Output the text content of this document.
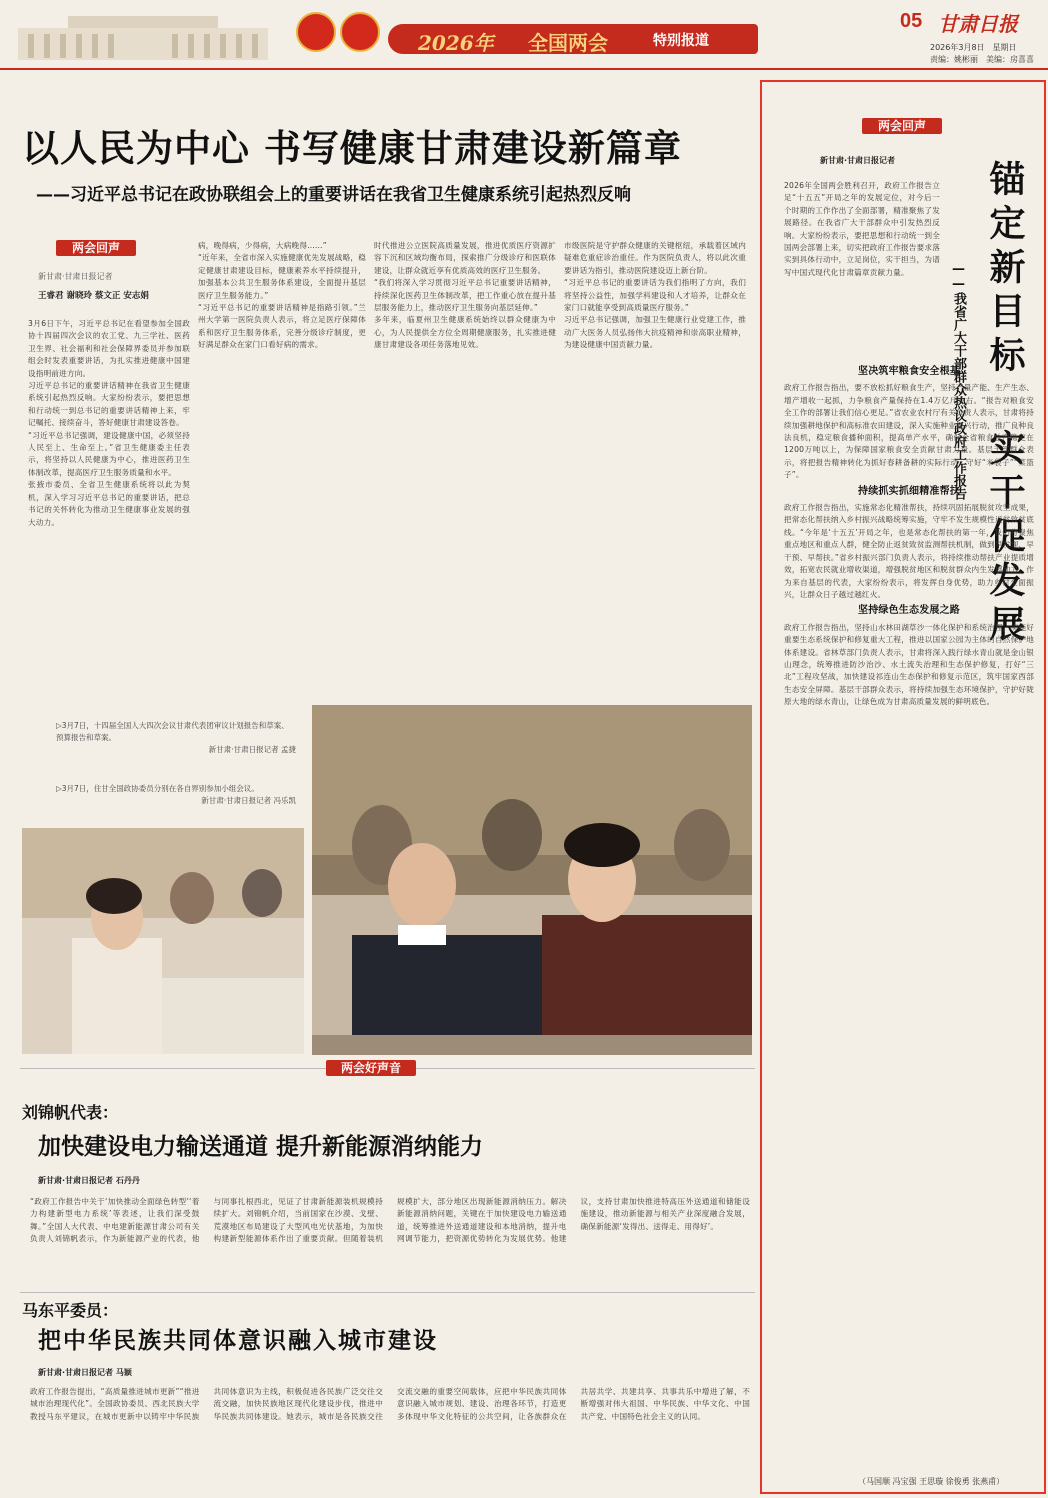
2026年 全国两会	特别报道
05 甘肃日报
2026年3月8日　星期日
责编：姚彬丽　美编：房喜喜
以人民为中心 书写健康甘肃建设新篇章
——习近平总书记在政协联组会上的重要讲话在我省卫生健康系统引起热烈反响
两会回声
新甘肃·甘肃日报记者
王睿君 谢晓玲 蔡文正 安志娟

3月6日下午，习近平总书记在看望参加全国政协十四届四次会议的农工党、九三学社、医药卫生界、社会福利和社会保障界委员并参加联组会时发表重要讲话，为扎实推进健康中国建设指明前进方向。

习近平总书记的重要讲话精神在我省卫生健康系统引起热烈反响。大家纷纷表示，要把思想和行动统一到总书记的重要讲话精神上来，牢记嘱托、接续奋斗，答好健康甘肃建设答卷。

“习近平总书记强调，建设健康中国，必须坚持人民至上、生命至上。”省卫生健康委主任表示，将坚持以人民健康为中心，推进医药卫生体制改革，提高医疗卫生服务质量和水平。

张掖市委员、全省卫生健康系统将以此为契机，深入学习习近平总书记的重要讲话，把总书记的关怀转化为推动卫生健康事业发展的强大动力。

病，晚得病，少得病，大病晚得……”

“近年来，全省市深入实施健康优先发展战略，稳定健康甘肃建设目标，健康素养水平持续提升，加强基本公共卫生服务体系建设，全面提升基层医疗卫生服务能力。”

“习近平总书记的重要讲话精神是指路引领。”兰州大学第一医院负责人表示，将立足医疗保障体系和医疗卫生服务体系，完善分级诊疗制度，更好满足群众在家门口看好病的需求。

时代推进公立医院高质量发展，推进优质医疗资源扩容下沉和区域均衡布局，探索推广分级诊疗和医联体建设，让群众就近享有优质高效的医疗卫生服务。

“我们将深入学习贯彻习近平总书记重要讲话精神，持续深化医药卫生体制改革，把工作重心放在提升基层服务能力上，推动医疗卫生服务向基层延伸。”

多年来，临夏州卫生健康系统始终以群众健康为中心，为人民提供全方位全周期健康服务，扎实推进健康甘肃建设各项任务落地见效。

市级医院是守护群众健康的关键枢纽，承载着区域内疑难危重症诊治重任。作为医院负责人，将以此次重要讲话为指引，推动医院建设迈上新台阶。

“习近平总书记的重要讲话为我们指明了方向，我们将坚持公益性，加强学科建设和人才培养，让群众在家门口就能享受到高质量医疗服务。”

习近平总书记强调，加强卫生健康行业党建工作，推动广大医务人员弘扬伟大抗疫精神和崇高职业精神，为建设健康中国贡献力量。

▷3月7日，十四届全国人大四次会议甘肃代表团审议计划报告和草案、预算报告和草案。

新甘肃·甘肃日报记者 孟捷
▷3月7日，住甘全国政协委员分别在各自界别参加小组会议。

新甘肃·甘肃日报记者 冯乐凯
两会好声音
刘锦帆代表：
加快建设电力输送通道 提升新能源消纳能力
新甘肃·甘肃日报记者 石丹丹

“政府工作报告中关于‘加快推动全面绿色转型’‘着力构建新型电力系统’等表述，让我们深受鼓舞。”全国人大代表、中电建新能源甘肃公司有关负责人刘锦帆表示，作为新能源产业的代表，他与同事扎根西北，见证了甘肃新能源装机规模持续扩大。刘锦帆介绍，当前国家在沙漠、戈壁、荒漠地区布局建设了大型风电光伏基地，为加快构建新型能源体系作出了重要贡献。但随着装机规模扩大，部分地区出现新能源消纳压力。解决新能源消纳问题，关键在于加快建设电力输送通道，统筹推进外送通道建设和本地消纳，提升电网调节能力，把资源优势转化为发展优势。他建议，支持甘肃加快推进特高压外送通道和储能设施建设，推动新能源与相关产业深度融合发展，确保新能源‘发得出、送得走、用得好’。

马东平委员：
把中华民族共同体意识融入城市建设
新甘肃·甘肃日报记者 马颖

政府工作报告提出，“高质量推进城市更新”“推进城市治理现代化”。全国政协委员、西北民族大学教授马东平建议，在城市更新中以铸牢中华民族共同体意识为主线，积极促进各民族广泛交往交流交融，加快民族地区现代化建设步伐，推进中华民族共同体建设。她表示，城市是各民族交往交流交融的重要空间载体，应把中华民族共同体意识融入城市规划、建设、治理各环节，打造更多体现中华文化特征的公共空间，让各族群众在共居共学、共建共享、共事共乐中增进了解，不断增强对伟大祖国、中华民族、中华文化、中国共产党、中国特色社会主义的认同。

两会回声
锚定新目标 实干促发展
——我省广大干部群众热议政府工作报告
新甘肃·甘肃日报记者

2026年全国两会胜利召开，政府工作报告立足“十五五”开局之年的发展定位，对今后一个时期的工作作出了全面部署，精准聚焦了发展路径。在我省广大干部群众中引发热烈反响。大家纷纷表示，要把思想和行动统一到全国两会部署上来，切实把政府工作报告要求落实到具体行动中，立足岗位，实干担当，为谱写中国式现代化甘肃篇章贡献力量。

坚决筑牢粮食安全根基

政府工作报告指出，要不放松抓好粮食生产，坚持产量产能、生产生态、增产增收一起抓，力争粮食产量保持在1.4万亿斤左右。“报告对粮食安全工作的部署让我们信心更足。”省农业农村厅有关负责人表示，甘肃将持续加强耕地保护和高标准农田建设，深入实施种业振兴行动，推广良种良法良机，稳定粮食播种面积，提高单产水平，确保全省粮食总产稳定在1200万吨以上，为保障国家粮食安全贡献甘肃力量。基层干部群众表示，将把报告精神转化为抓好春耕备耕的实际行动，守好“米袋子”“菜篮子”。

持续抓实抓细精准帮扶

政府工作报告指出，实施常态化精准帮扶，持续巩固拓展脱贫攻坚成果，把常态化帮扶纳入乡村振兴战略统筹实施，守牢不发生规模性返贫致贫底线。“今年是‘十五五’开局之年，也是常态化帮扶的第一年，我们将聚焦重点地区和重点人群，健全防止返贫致贫监测帮扶机制，做到早发现、早干预、早帮扶。”省乡村振兴部门负责人表示，将持续推动帮扶产业提质增效，拓宽农民就业增收渠道，增强脱贫地区和脱贫群众内生发展动力。作为来自基层的代表，大家纷纷表示，将发挥自身优势，助力乡村全面振兴，让群众日子越过越红火。

坚持绿色生态发展之路

政府工作报告指出，坚持山水林田湖草沙一体化保护和系统治理，实施好重要生态系统保护和修复重大工程，推进以国家公园为主体的自然保护地体系建设。省林草部门负责人表示，甘肃将深入践行绿水青山就是金山银山理念，统筹推进防沙治沙、水土流失治理和生态保护修复，打好“三北”工程攻坚战，加快建设祁连山生态保护和修复示范区，筑牢国家西部生态安全屏障。基层干部群众表示，将持续加强生态环境保护，守护好陇原大地的绿水青山，让绿色成为甘肃高质量发展的鲜明底色。

（马国顺 冯宝强 王思璇 徐俊勇 张燕甫）
